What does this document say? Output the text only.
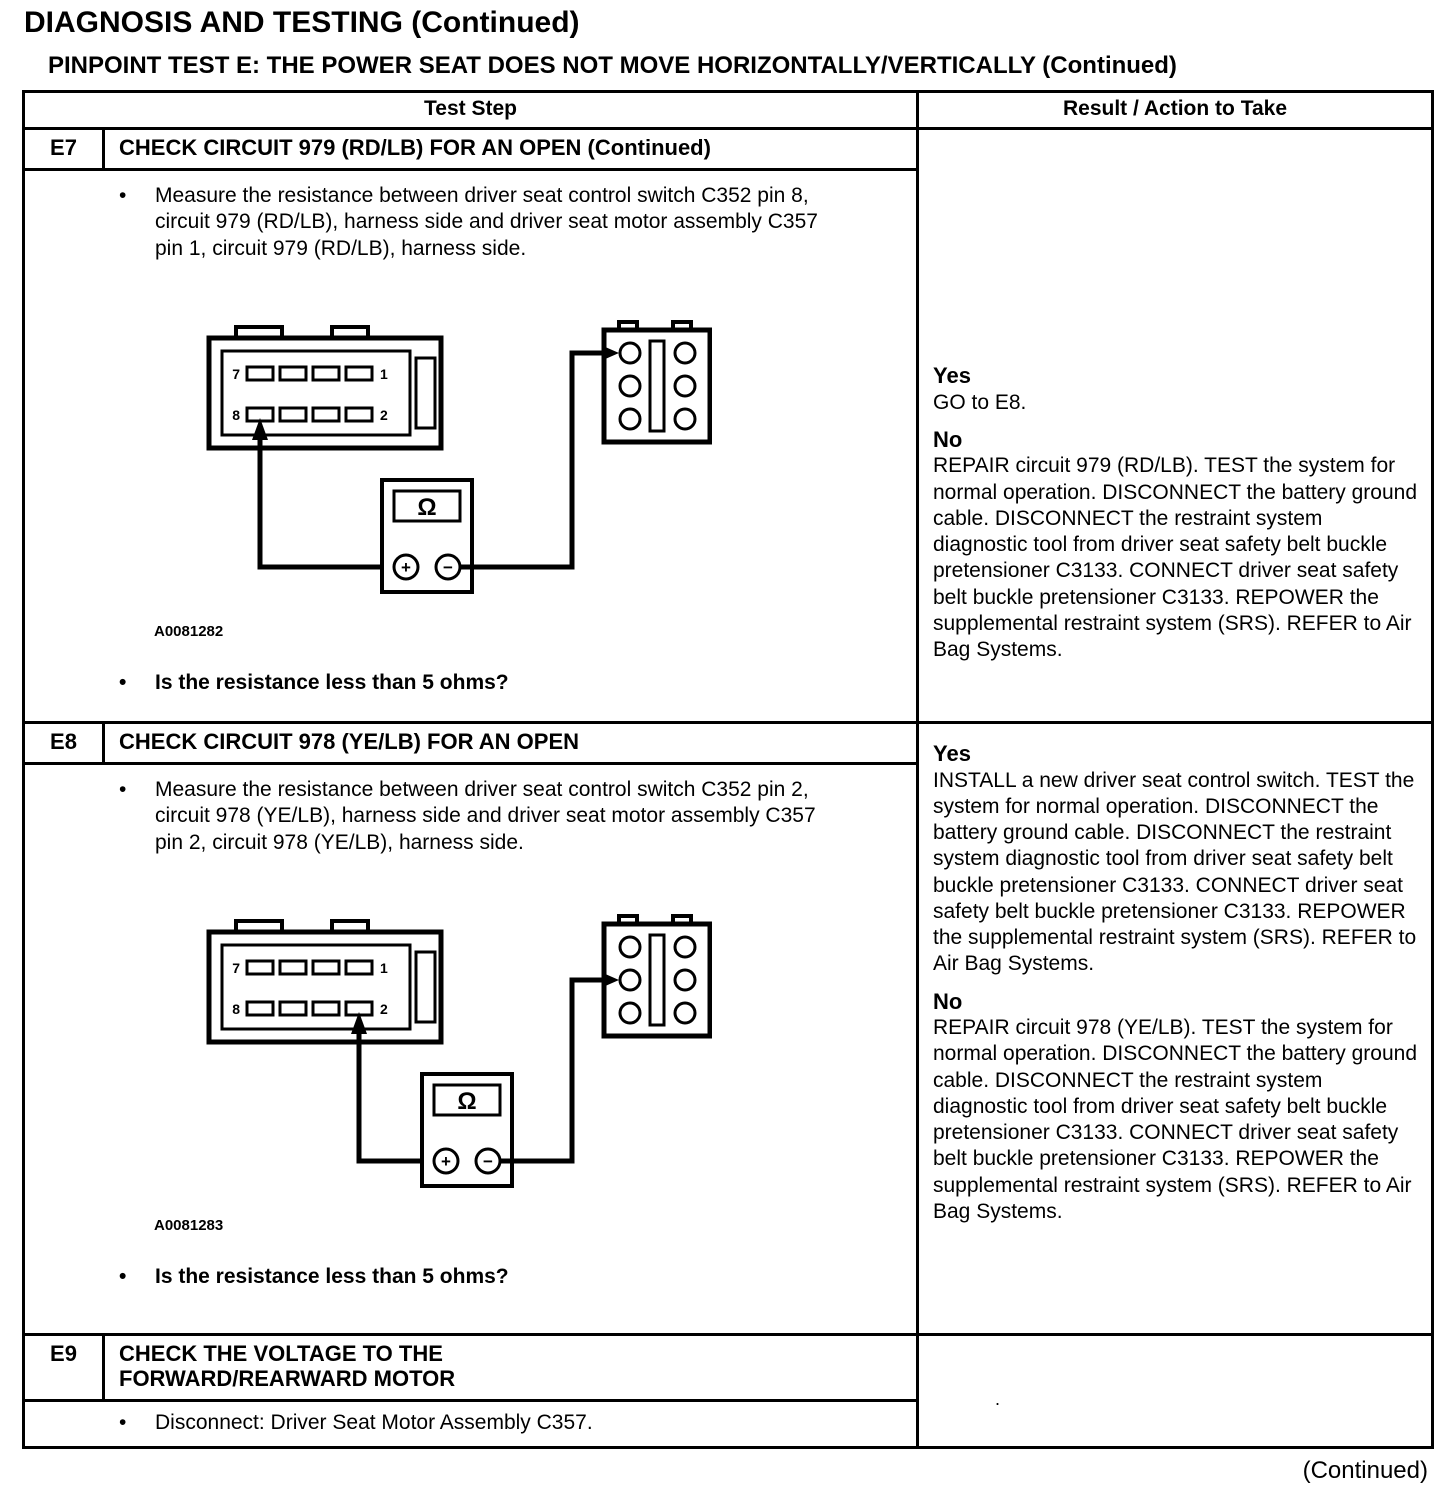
DIAGNOSIS AND TESTING (Continued)
PINPOINT TEST E: THE POWER SEAT DOES NOT MOVE HORIZONTALLY/VERTICALLY (Continued)
Test Step	Result / Action to Take
E7	CHECK CIRCUIT 979 (RD/LB) FOR AN OPEN (Continued)
• Measure the resistance between driver seat control switch C352 pin 8, circuit 979 (RD/LB), harness side and driver seat motor assembly C357 pin 1, circuit 979 (RD/LB), harness side.
7	1
8	2
Ω
+ −
A0081282
• Is the resistance less than 5 ohms?
Yes
GO to E8.
No
REPAIR circuit 979 (RD/LB). TEST the system for normal operation. DISCONNECT the battery ground cable. DISCONNECT the restraint system diagnostic tool from driver seat safety belt buckle pretensioner C3133. CONNECT driver seat safety belt buckle pretensioner C3133. REPOWER the supplemental restraint system (SRS). REFER to Air Bag Systems.
E8	CHECK CIRCUIT 978 (YE/LB) FOR AN OPEN
• Measure the resistance between driver seat control switch C352 pin 2, circuit 978 (YE/LB), harness side and driver seat motor assembly C357 pin 2, circuit 978 (YE/LB), harness side.
7	1
8	2
Ω
+ −
A0081283
• Is the resistance less than 5 ohms?
Yes
INSTALL a new driver seat control switch. TEST the system for normal operation. DISCONNECT the battery ground cable. DISCONNECT the restraint system diagnostic tool from driver seat safety belt buckle pretensioner C3133. CONNECT driver seat safety belt buckle pretensioner C3133. REPOWER the supplemental restraint system (SRS). REFER to Air Bag Systems.
No
REPAIR circuit 978 (YE/LB). TEST the system for normal operation. DISCONNECT the battery ground cable. DISCONNECT the restraint system diagnostic tool from driver seat safety belt buckle pretensioner C3133. CONNECT driver seat safety belt buckle pretensioner C3133. REPOWER the supplemental restraint system (SRS). REFER to Air Bag Systems.
E9	CHECK THE VOLTAGE TO THE FORWARD/REARWARD MOTOR
• Disconnect: Driver Seat Motor Assembly C357.
.
(Continued)
